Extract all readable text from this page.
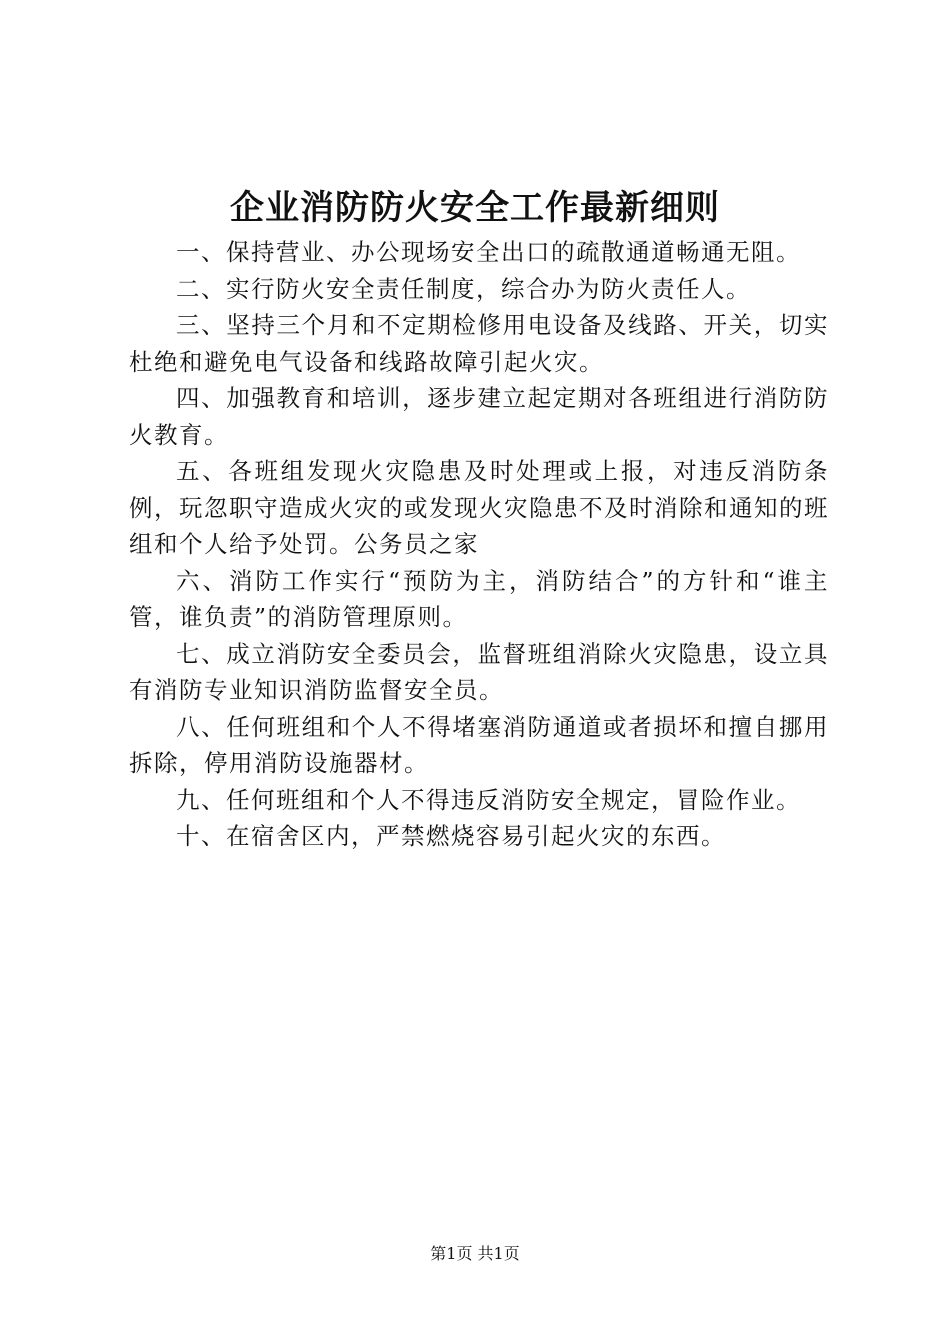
企业消防防火安全工作最新细则

一、保持营业、办公现场安全出口的疏散通道畅通无阻。

二、实行防火安全责任制度，综合办为防火责任人。

三、坚持三个月和不定期检修用电设备及线路、开关，切实杜绝和避免电气设备和线路故障引起火灾。

四、加强教育和培训，逐步建立起定期对各班组进行消防防火教育。

五、各班组发现火灾隐患及时处理或上报，对违反消防条例，玩忽职守造成火灾的或发现火灾隐患不及时消除和通知的班组和个人给予处罚。公务员之家

六、消防工作实行“预防为主，消防结合”的方针和“谁主管，谁负责”的消防管理原则。

七、成立消防安全委员会，监督班组消除火灾隐患，设立具有消防专业知识消防监督安全员。

八、任何班组和个人不得堵塞消防通道或者损坏和擅自挪用拆除，停用消防设施器材。

九、任何班组和个人不得违反消防安全规定，冒险作业。

十、在宿舍区内，严禁燃烧容易引起火灾的东西。

第1页 共1页
